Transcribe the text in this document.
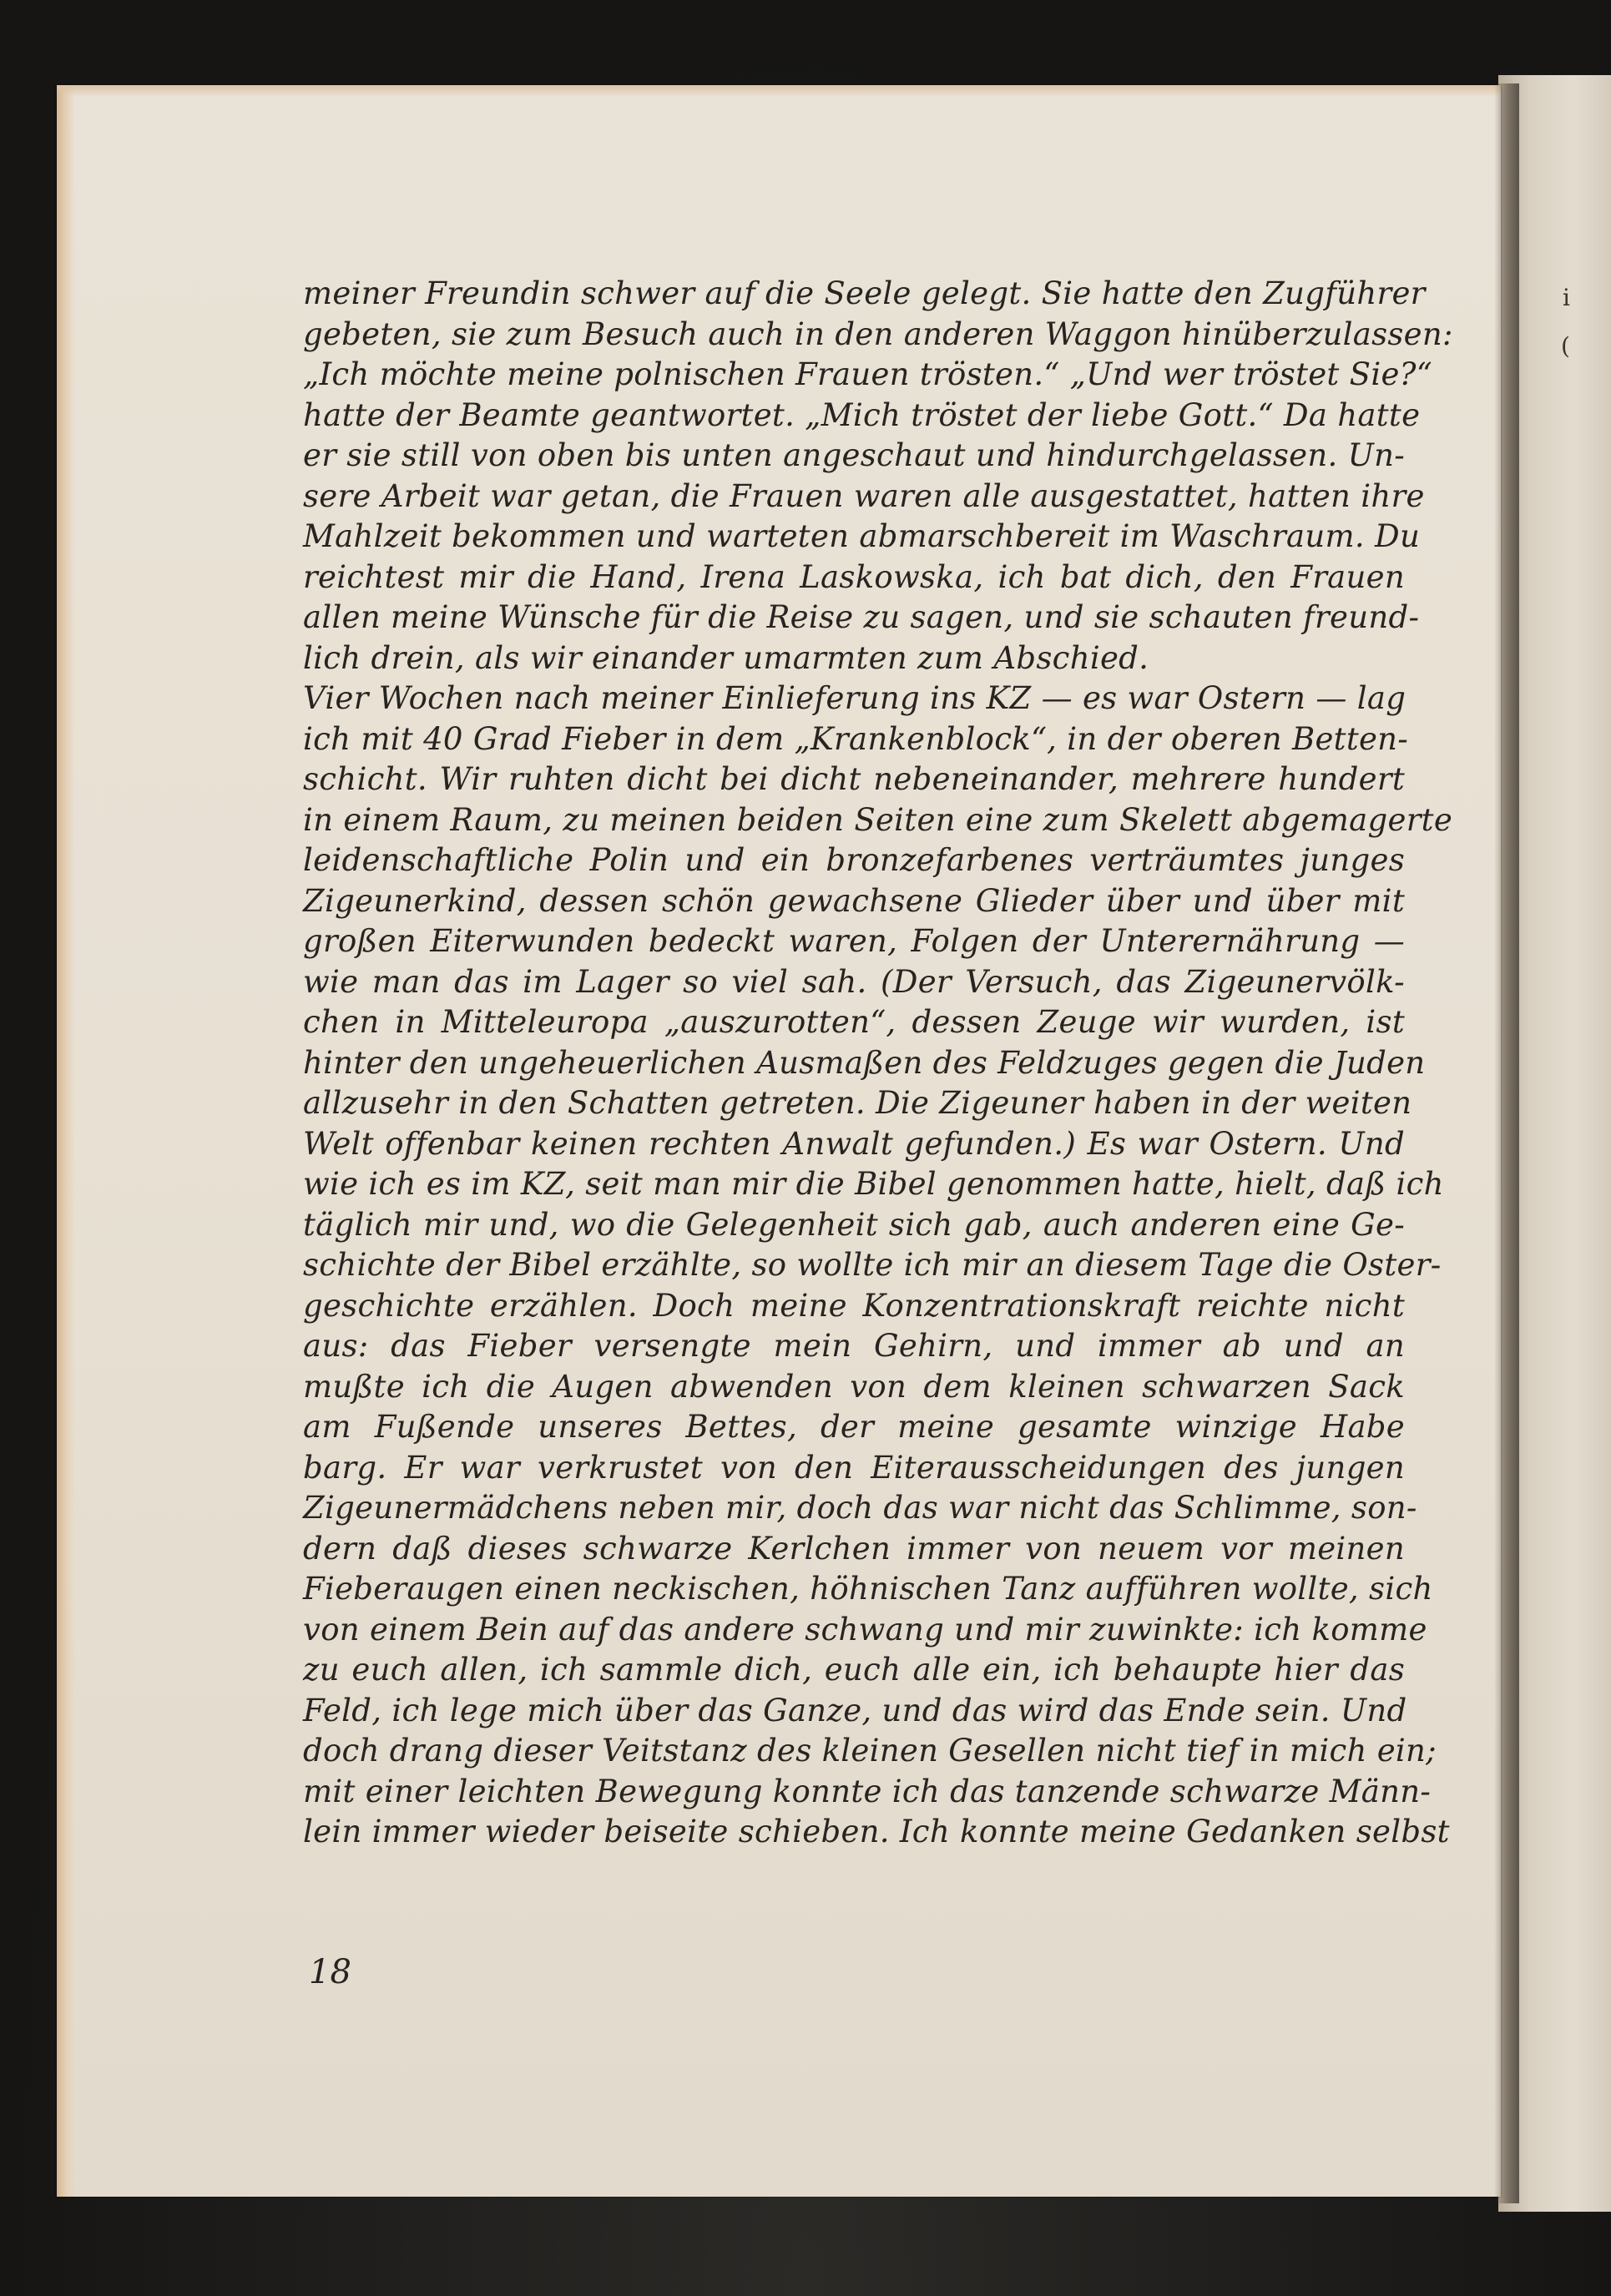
i
(
meiner Freundin schwer auf die Seele gelegt. Sie hatte den Zugführer
gebeten, sie zum Besuch auch in den anderen Waggon hinüberzulassen:
„Ich möchte meine polnischen Frauen trösten.“ „Und wer tröstet Sie?“
hatte der Beamte geantwortet. „Mich tröstet der liebe Gott.“ Da hatte
er sie still von oben bis unten angeschaut und hindurchgelassen. Un-
sere Arbeit war getan, die Frauen waren alle ausgestattet, hatten ihre
Mahlzeit bekommen und warteten abmarschbereit im Waschraum. Du
reichtest mir die Hand, Irena Laskowska, ich bat dich, den Frauen
allen meine Wünsche für die Reise zu sagen, und sie schauten freund-
lich drein, als wir einander umarmten zum Abschied.
Vier Wochen nach meiner Einlieferung ins KZ — es war Ostern — lag
ich mit 40 Grad Fieber in dem „Krankenblock“, in der oberen Betten-
schicht. Wir ruhten dicht bei dicht nebeneinander, mehrere hundert
in einem Raum, zu meinen beiden Seiten eine zum Skelett abgemagerte
leidenschaftliche Polin und ein bronzefarbenes verträumtes junges
Zigeunerkind, dessen schön gewachsene Glieder über und über mit
großen Eiterwunden bedeckt waren, Folgen der Unterernährung —
wie man das im Lager so viel sah. (Der Versuch, das Zigeunervölk-
chen in Mitteleuropa „auszurotten“, dessen Zeuge wir wurden, ist
hinter den ungeheuerlichen Ausmaßen des Feldzuges gegen die Juden
allzusehr in den Schatten getreten. Die Zigeuner haben in der weiten
Welt offenbar keinen rechten Anwalt gefunden.) Es war Ostern. Und
wie ich es im KZ, seit man mir die Bibel genommen hatte, hielt, daß ich
täglich mir und, wo die Gelegenheit sich gab, auch anderen eine Ge-
schichte der Bibel erzählte, so wollte ich mir an diesem Tage die Oster-
geschichte erzählen. Doch meine Konzentrationskraft reichte nicht
aus: das Fieber versengte mein Gehirn, und immer ab und an
mußte ich die Augen abwenden von dem kleinen schwarzen Sack
am Fußende unseres Bettes, der meine gesamte winzige Habe
barg. Er war verkrustet von den Eiterausscheidungen des jungen
Zigeunermädchens neben mir, doch das war nicht das Schlimme, son-
dern daß dieses schwarze Kerlchen immer von neuem vor meinen
Fieberaugen einen neckischen, höhnischen Tanz aufführen wollte, sich
von einem Bein auf das andere schwang und mir zuwinkte: ich komme
zu euch allen, ich sammle dich, euch alle ein, ich behaupte hier das
Feld, ich lege mich über das Ganze, und das wird das Ende sein. Und
doch drang dieser Veitstanz des kleinen Gesellen nicht tief in mich ein;
mit einer leichten Bewegung konnte ich das tanzende schwarze Männ-
lein immer wieder beiseite schieben. Ich konnte meine Gedanken selbst
18
